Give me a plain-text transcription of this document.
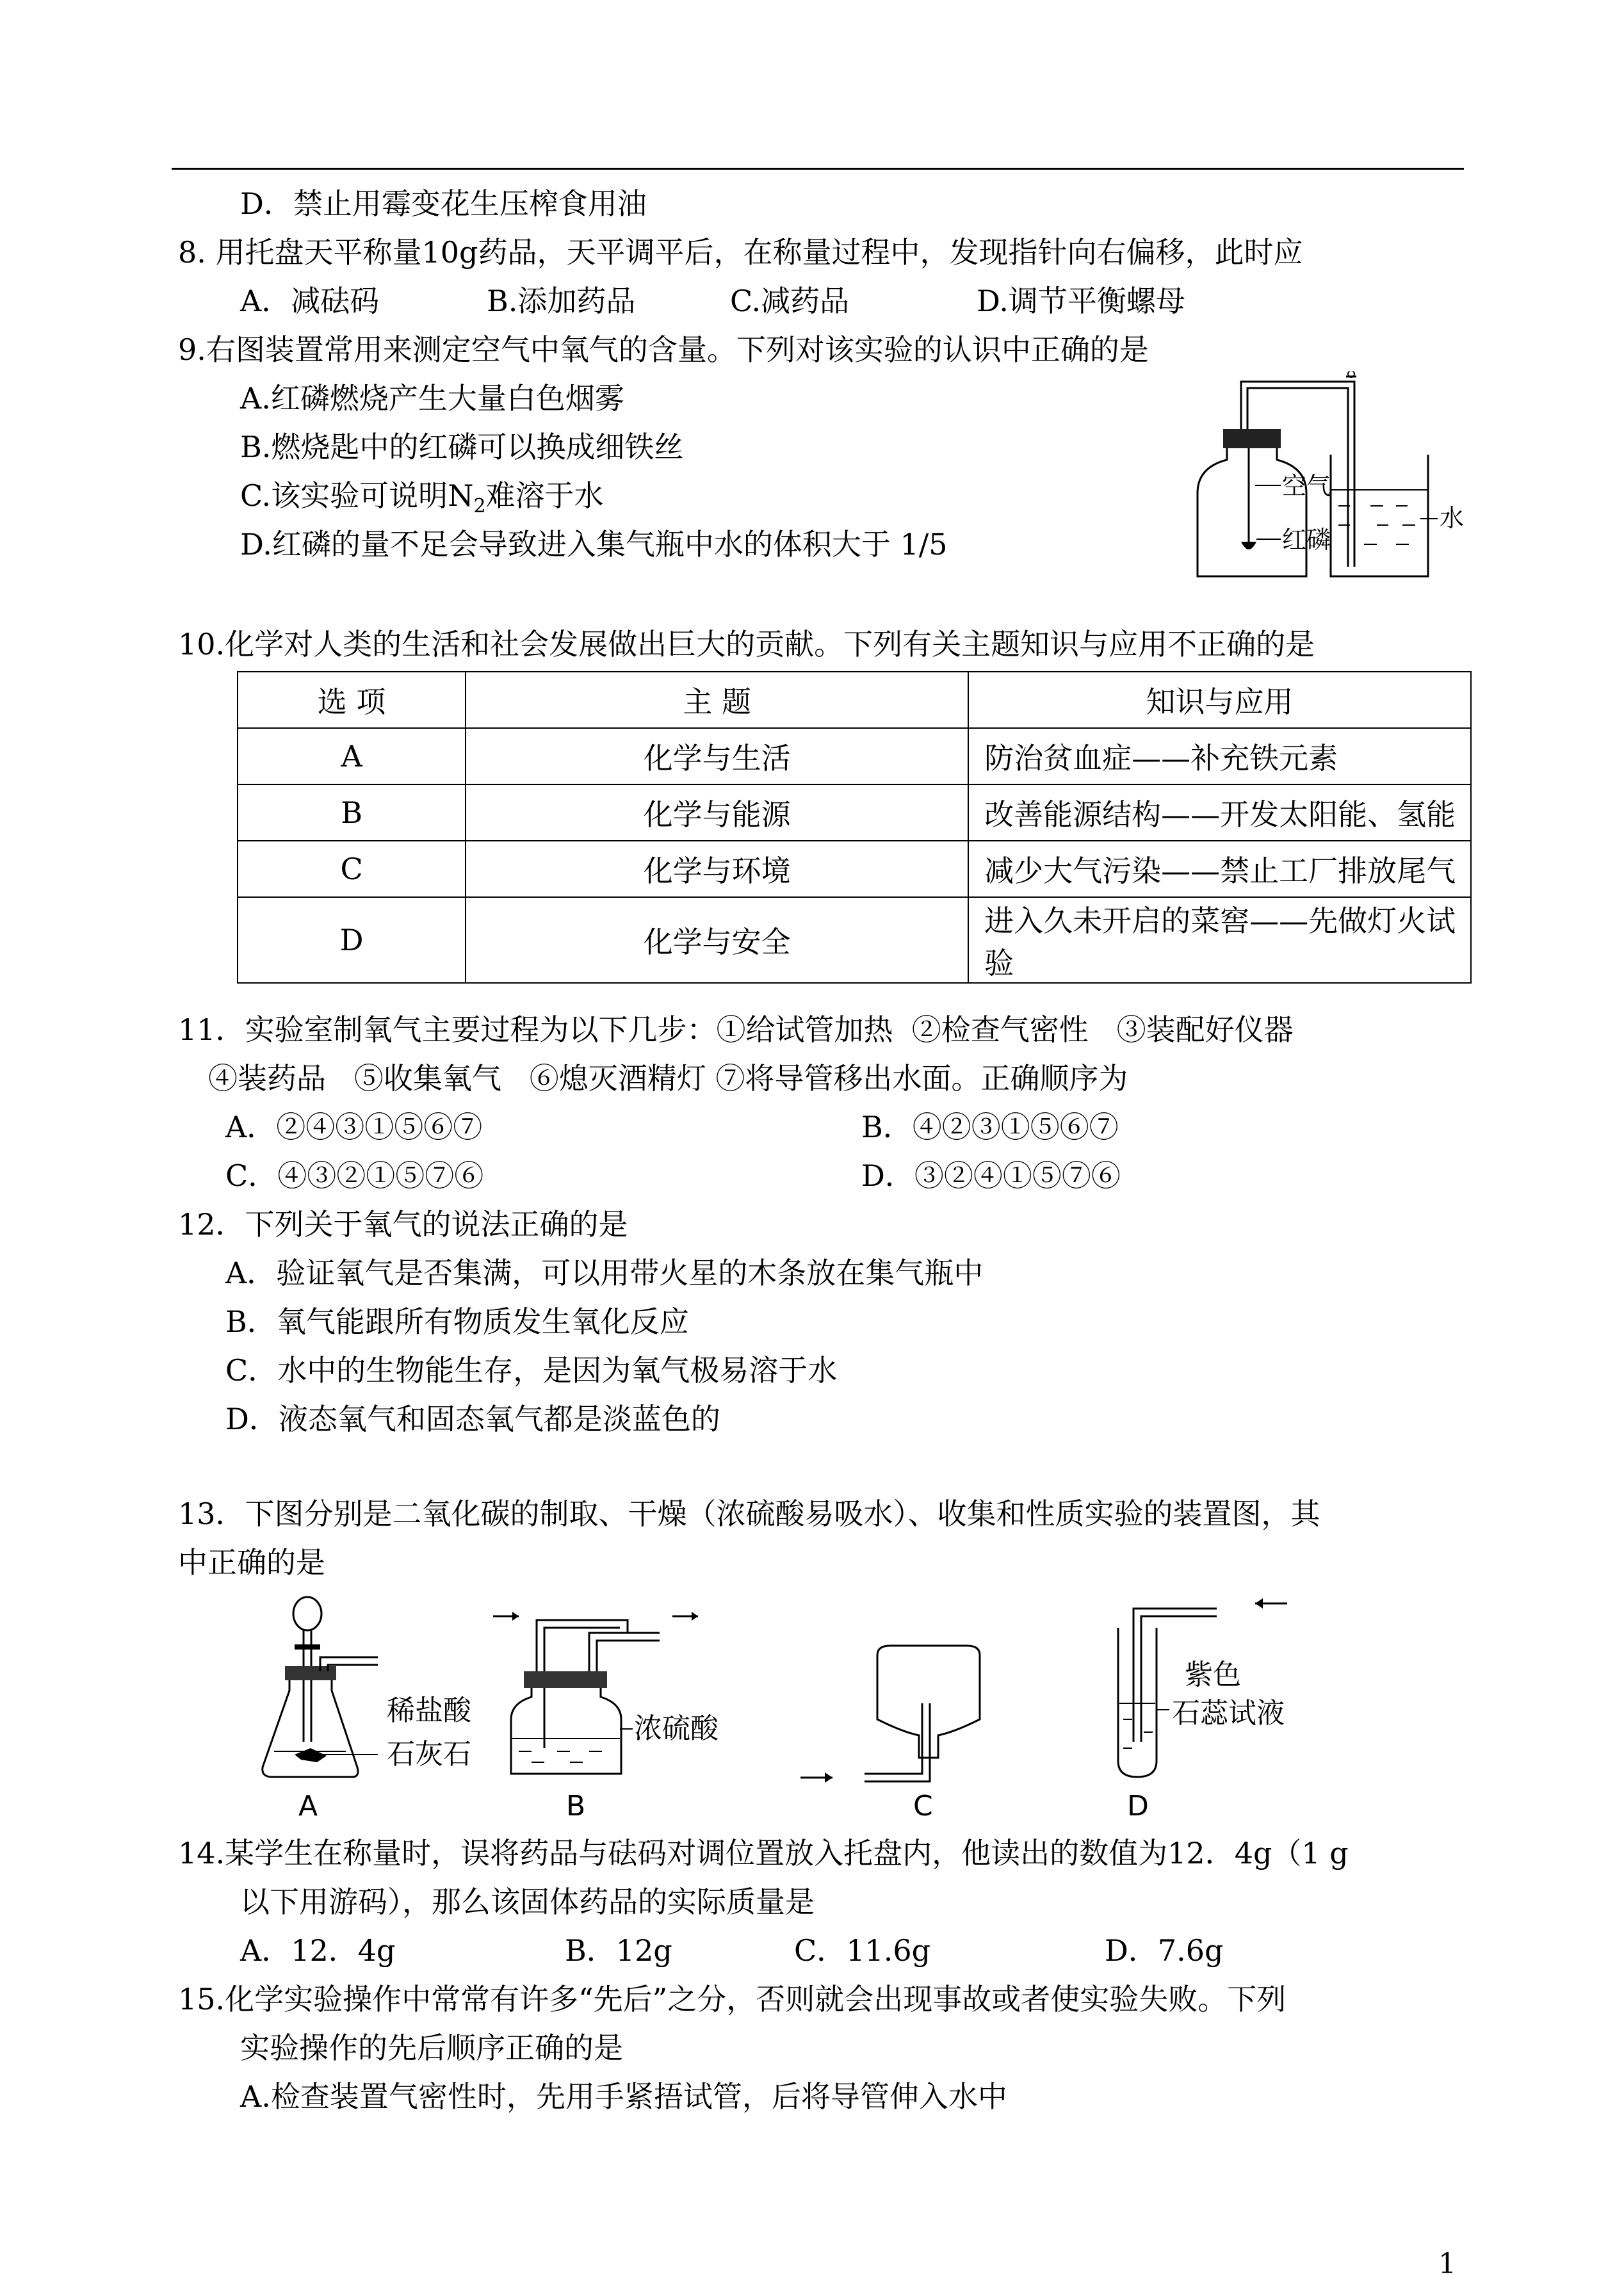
D．禁止用霉变花生压榨食用油
8. 用托盘天平称量10g药品，天平调平后，在称量过程中，发现指针向右偏移，此时应
A．减砝码	B.添加药品	C.减药品	D.调节平衡螺母
9.右图装置常用来测定空气中氧气的含量。下列对该实验的认识中正确的是
A.红磷燃烧产生大量白色烟雾
B.燃烧匙中的红磷可以换成细铁丝
C.该实验可说明$N_2$难溶于水
D.红磷的量不足会导致进入集气瓶中水的体积大于 1/5
空气
红磷
水
10.化学对人类的生活和社会发展做出巨大的贡献。下列有关主题知识与应用不正确的是
选 项	主 题	知识与应用
A	化学与生活	防治贫血症——补充铁元素
B	化学与能源	改善能源结构——开发太阳能、氢能
C	化学与环境	减少大气污染——禁止工厂排放尾气
D	化学与安全	进入久未开启的菜窖——先做灯火试验
11．实验室制氧气主要过程为以下几步：①给试管加热  ②检查气密性   ③装配好仪器
④装药品   ⑤收集氧气   ⑥熄灭酒精灯 ⑦将导管移出水面。正确顺序为
A．②④③①⑤⑥⑦	B．④②③①⑤⑥⑦
C．④③②①⑤⑦⑥	D．③②④①⑤⑦⑥
12．下列关于氧气的说法正确的是
A．验证氧气是否集满，可以用带火星的木条放在集气瓶中
B．氧气能跟所有物质发生氧化反应
C．水中的生物能生存，是因为氧气极易溶于水
D．液态氧气和固态氧气都是淡蓝色的
13．下图分别是二氧化碳的制取、干燥（浓硫酸易吸水）、收集和性质实验的装置图，其
中正确的是
稀盐酸
石灰石
A
浓硫酸
B	C
紫色
石蕊试液
D
14.某学生在称量时，误将药品与砝码对调位置放入托盘内，他读出的数值为12．4g（1 g
以下用游码），那么该固体药品的实际质量是
A．12．4g	B．12g	C．11.6g	D．7.6g
15.化学实验操作中常常有许多“先后”之分，否则就会出现事故或者使实验失败。下列
实验操作的先后顺序正确的是
A.检查装置气密性时，先用手紧捂试管，后将导管伸入水中
1
